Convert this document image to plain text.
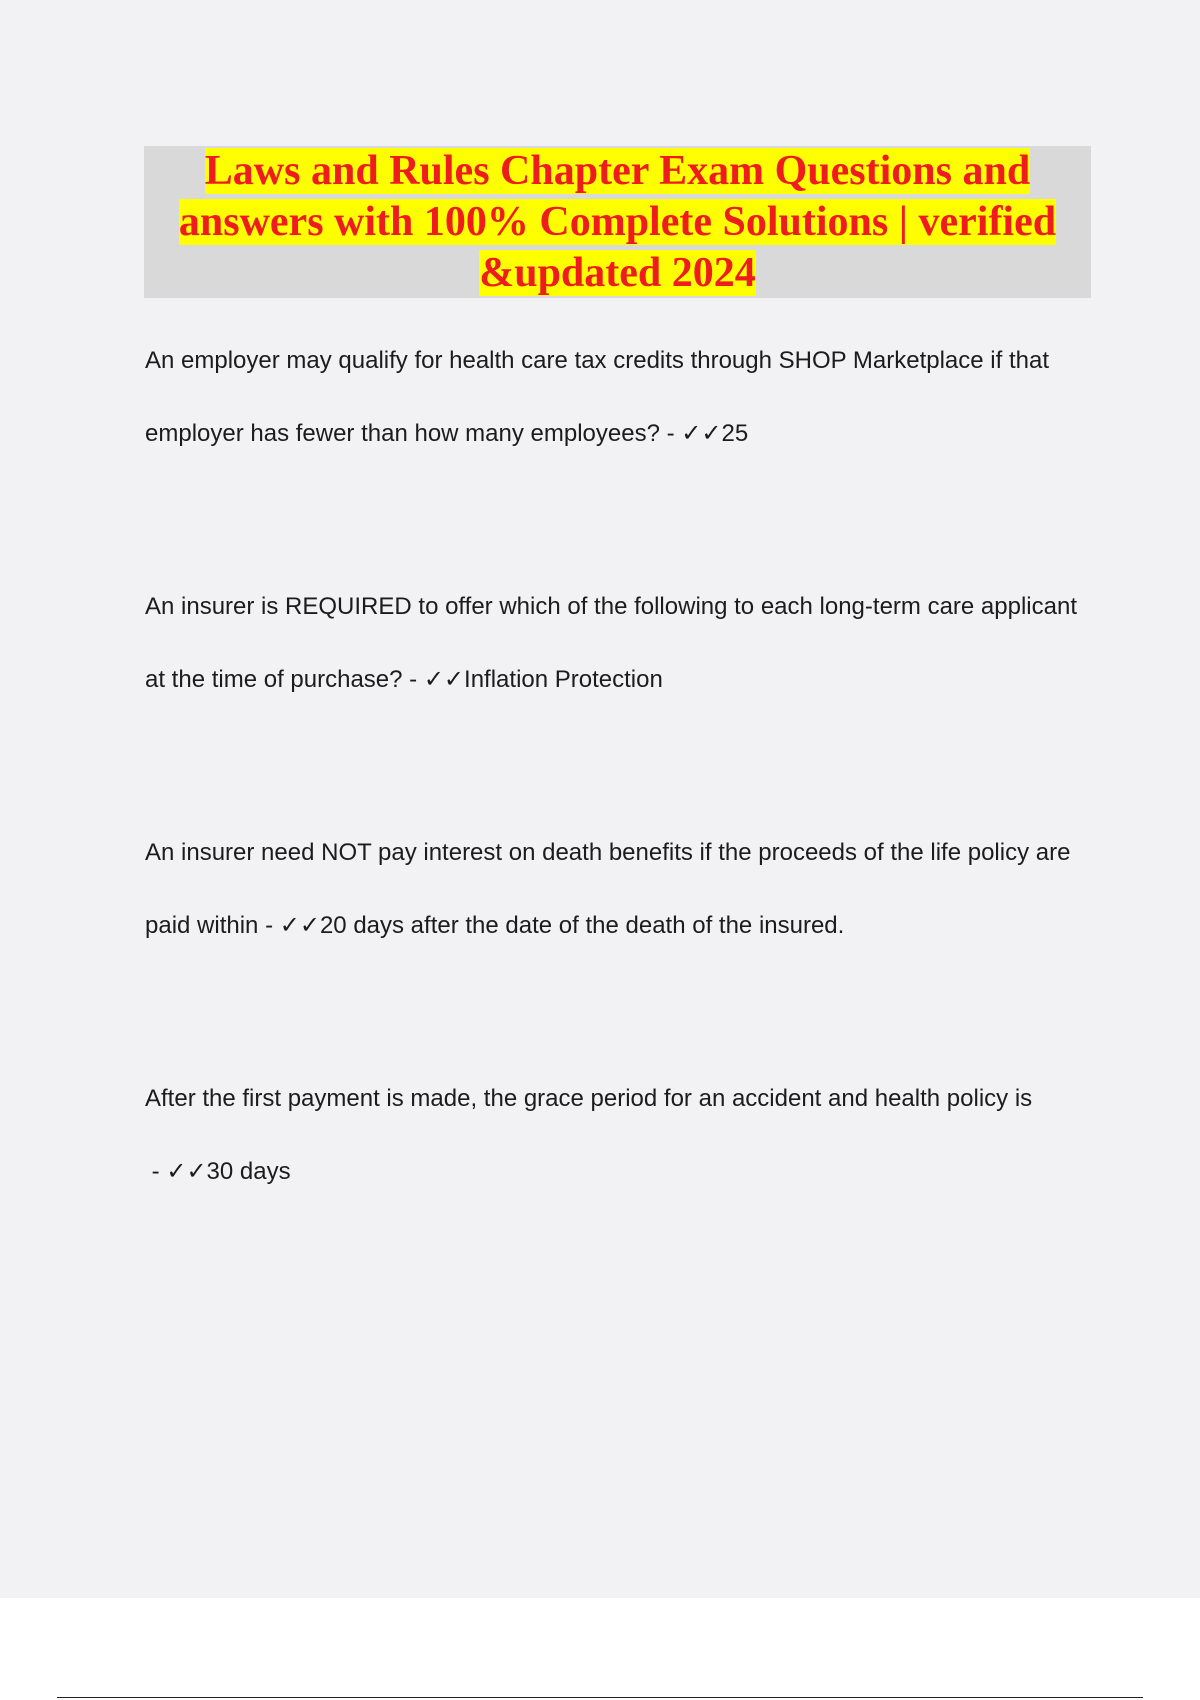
Laws and Rules Chapter Exam Questions and answers with 100% Complete Solutions | verified &updated 2024

An employer may qualify for health care tax credits through SHOP Marketplace if that employer has fewer than how many employees? - ✓✓25

An insurer is REQUIRED to offer which of the following to each long-term care applicant at the time of purchase? - ✓✓Inflation Protection

An insurer need NOT pay interest on death benefits if the proceeds of the life policy are paid within - ✓✓20 days after the date of the death of the insured.

After the first payment is made, the grace period for an accident and health policy is - ✓✓30 days
